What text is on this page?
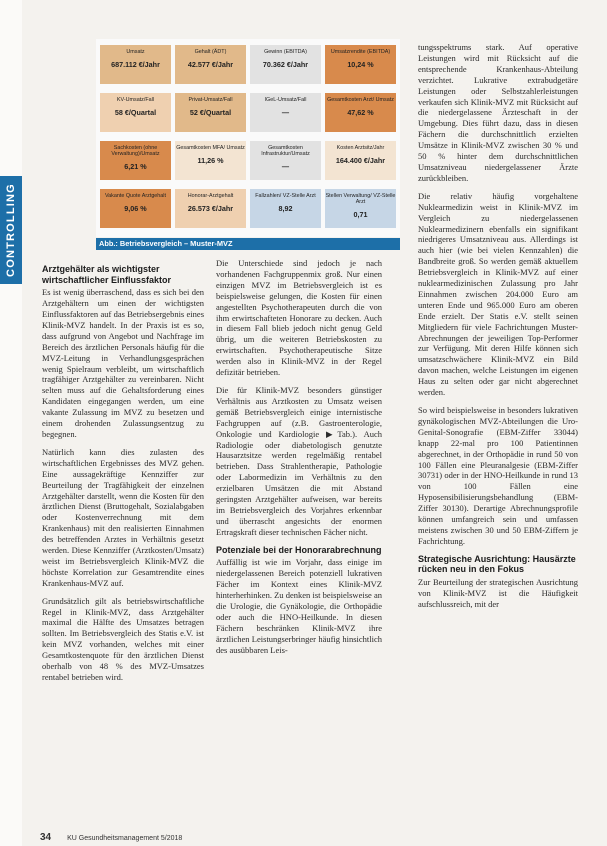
CONTROLLING
Umsatz
687.112 €/Jahr
Gehalt (ÄDT)
42.577 €/Jahr
Gewinn (EBITDA)
70.362 €/Jahr
Umsatzrendite (EBITDA)
10,24 %
KV-Umsatz/Fall
58 €/Quartal
Privat-Umsatz/Fall
52 €/Quartal
IGeL-Umsatz/Fall
—
Gesamtkosten Arzt/ Umsatz
47,62 %
Sachkosten (ohne Verwaltung)/Umsatz
6,21 %
Gesamtkosten MFA/ Umsatz
11,26 %
Gesamtkosten Infrastruktur/Umsatz
—
Kosten Arztsitz/Jahr
164.400 €/Jahr
Vakante Quote Arztgehalt
9,06 %
Honorar-Arztgehalt
26.573 €/Jahr
Fallzahlen/ VZ-Stelle Arzt
8,92
Stellen Verwaltung/ VZ-Stelle Arzt
0,71
Abb.: Betriebsvergleich – Muster-MVZ
Arztgehälter als wichtigster wirtschaftlicher Einflussfaktor

Es ist wenig überraschend, dass es sich bei den Arztgehältern um einen der wichtigsten Einflussfaktoren auf das Betriebsergebnis eines Klinik-MVZ handelt. In der Praxis ist es so, dass aufgrund von Angebot und Nachfrage im Bereich des ärztlichen Personals häufig für die MVZ-Leitung in Verhandlungsgesprächen wenig Spielraum verbleibt, um wirtschaftlich tragfähiger Arztgehälter zu vereinbaren. Nicht selten muss auf die Gehaltsforderung eines Kandidaten eingegangen werden, um eine vakante Zulassung im MVZ zu besetzen und einem drohenden Zulassungsentzug zu begegnen.

Natürlich kann dies zulasten des wirtschaftlichen Ergebnisses des MVZ gehen. Eine aussagekräftige Kennziffer zur Beurteilung der Tragfähigkeit der einzelnen Arztgehälter darstellt, wenn die Kosten für den ärztlichen Dienst (Bruttogehalt, Sozialabgaben oder Kostenverrechnung mit dem Krankenhaus) mit den realisierten Einnahmen des betreffenden Arztes in Verhältnis gesetzt werden. Diese Kennziffer (Arztkosten/Umsatz) weist im Betriebsvergleich Klinik-MVZ die höchste Korrelation zur Gesamtrendite eines Krankenhaus-MVZ auf.

Grundsätzlich gilt als betriebswirtschaftliche Regel in Klinik-MVZ, dass Arztgehälter maximal die Hälfte des Umsatzes betragen sollten. Im Betriebsvergleich des Statis e.V. ist kein MVZ vorhanden, welches mit einer Gesamtkostenquote für den ärztlichen Dienst oberhalb von 48 % des MVZ-Umsatzes rentabel betrieben wird.

Die Unterschiede sind jedoch je nach vorhandenen Fachgruppenmix groß. Nur einen einzigen MVZ im Betriebsvergleich ist es beispielsweise gelungen, die Kosten für einen angestellten Psychotherapeuten durch die von ihm erwirtschafteten Honorare zu decken. Auch in diesem Fall blieb jedoch nicht genug Geld übrig, um die weiteren Betriebskosten zu erwirtschaften. Psychotherapeutische Sitze werden also in Klinik-MVZ in der Regel defizitär betrieben.

Die für Klinik-MVZ besonders günstiger Verhältnis aus Arztkosten zu Umsatz weisen gemäß Betriebsvergleich einige internistische Fachgruppen auf (z.B. Gastroenterologie, Onkologie und Kardiologie ▶Tab.). Auch Radiologie oder diabetologisch genutzte Hausarztsitze werden regelmäßig rentabel betrieben. Dass Strahlentherapie, Pathologie oder Labormedizin im Verhältnis zu den erzielbaren Umsätzen die mit Abstand geringsten Arztgehälter aufweisen, war bereits im Betriebsvergleich des Vorjahres erkennbar und überrascht angesichts der enormen Ertragskraft dieser technischen Fächer nicht.

Potenziale bei der Honorarabrechnung

Auffällig ist wie im Vorjahr, dass einige im niedergelassenen Bereich potenziell lukrativen Fächer im Kontext eines Klinik-MVZ hinterherhinken. Zu denken ist beispielsweise an die Urologie, die Gynäkologie, die Orthopädie oder auch die HNO-Heilkunde. In diesen Fächern beschränken Klinik-MVZ ihre ärztlichen Leistungserbringer häufig hinsichtlich des ausübbaren Leis-

tungsspektrums stark. Auf operative Leistungen wird mit Rücksicht auf die entsprechende Krankenhaus-Abteilung verzichtet. Lukrative extrabudgetäre Leistungen oder Selbstzahlerleistungen verkaufen sich Klinik-MVZ mit Rücksicht auf die niedergelassene Ärzteschaft in der Umgebung. Dies führt dazu, dass in diesen Fächern die durchschnittlich erzielten Umsätze in Klinik-MVZ zwischen 30 % und 50 % hinter dem durchschnittlichen Umsatzniveau niedergelassener Ärzte zurückbleiben.

Die relativ häufig vorgehaltene Nuklearmedizin weist in Klinik-MVZ im Vergleich zu niedergelassenen Nuklearmedizinern ebenfalls ein signifikant niedrigeres Umsatzniveau aus. Allerdings ist auch hier (wie bei vielen Kennzahlen) die Bandbreite groß. So werden gemäß aktuellem Betriebsvergleich in Klinik-MVZ auf einer nuklearmedizinischen Zulassung pro Jahr Einnahmen zwischen 204.000 Euro am unteren Ende und 965.000 Euro am oberen Ende erzielt. Der Statis e.V. stellt seinen Mitgliedern für viele Fachrichtungen Muster-Abrechnungen der jeweiligen Top-Performer zur Verfügung. Mit deren Hilfe können sich umsatzschwächere Klinik-MVZ ein Bild davon machen, welche Leistungen im eigenen Haus zu selten oder gar nicht abgerechnet werden.

So wird beispielsweise in besonders lukrativen gynäkologischen MVZ-Abteilungen die Uro-Genital-Sonografie (EBM-Ziffer 33044) knapp 22-mal pro 100 Patientinnen abgerechnet, in der Orthopädie in rund 50 von 100 Fällen eine Pleuranalgesie (EBM-Ziffer 30731) oder in der HNO-Heilkunde in rund 13 von 100 Fällen eine Hyposensibilisierungsbehandlung (EBM-Ziffer 30130). Derartige Abrechnungsprofile können umfangreich sein und umfassen meistens zwischen 30 und 50 EBM-Ziffern je Fachrichtung.

Strategische Ausrichtung: Hausärzte rücken neu in den Fokus

Zur Beurteilung der strategischen Ausrichtung von Klinik-MVZ ist die Häufigkeit aufschlussreich, mit der

34 KU Gesundheitsmanagement 5/2018
